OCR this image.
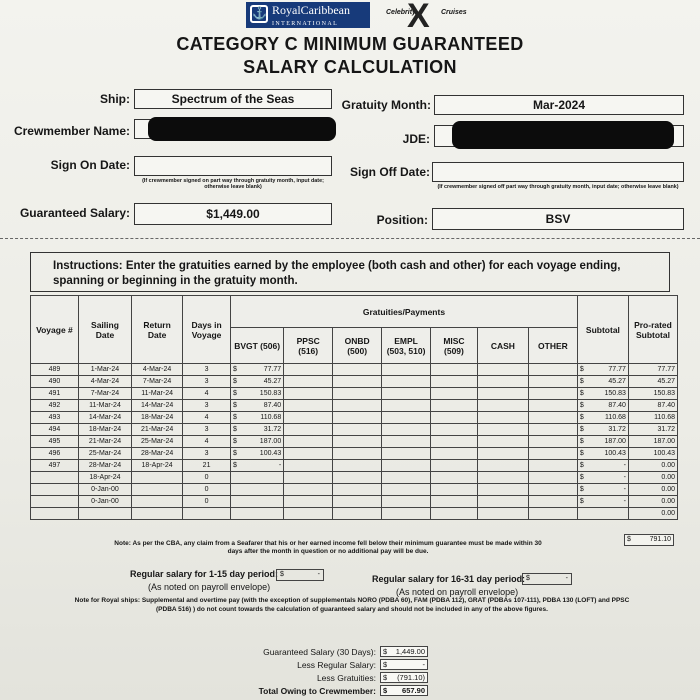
⚓ RoyalCaribbean
INTERNATIONAL
Celebrity
X Cruises
CATEGORY C MINIMUM GUARANTEED
SALARY CALCULATION
Ship:	Spectrum of the Seas	Gratuity Month:	Mar-2024
Crewmember Name:
JDE:
Sign On Date:
(If crewmember signed on part way through gratuity month, input date; otherwise leave blank)
Sign Off Date:
(If crewmember signed off part way through gratuity month, input date; otherwise leave blank)
Guaranteed Salary:	$1,449.00	Position:	BSV
Instructions: Enter the gratuities earned by the employee (both cash and other) for each voyage ending, spanning or beginning in the gratuity month.
Voyage #	Sailing Date	Return Date	Days in Voyage	Gratuities/Payments							Subtotal	Pro-rated Subtotal
				BVGT (506)	PPSC (516)	ONBD (500)	EMPL (503, 510)	MISC (509)	CASH	OTHER		
489	1-Mar-24	4-Mar-24	3	$ 77.77							$ 77.77	77.77
490	4-Mar-24	7-Mar-24	3	$ 45.27							$ 45.27	45.27
491	7-Mar-24	11-Mar-24	4	$ 150.83							$ 150.83	150.83
492	11-Mar-24	14-Mar-24	3	$ 87.40							$ 87.40	87.40
493	14-Mar-24	18-Mar-24	4	$ 110.68							$ 110.68	110.68
494	18-Mar-24	21-Mar-24	3	$ 31.72							$ 31.72	31.72
495	21-Mar-24	25-Mar-24	4	$ 187.00							$ 187.00	187.00
496	25-Mar-24	28-Mar-24	3	$ 100.43							$ 100.43	100.43
497	28-Mar-24	18-Apr-24	21	$ -							$ -	0.00
	18-Apr-24		0								$ -	0.00
	0-Jan-00		0								$ -	0.00
	0-Jan-00		0								$ -	0.00
												0.00
$	791.10
Note: As per the CBA, any claim from a Seafarer that his or her earned income fell below their minimum guarantee must be made within 30 days after the month in question or no additional pay will be due.
Regular salary for 1-15 day period: $	-
(As noted on payroll envelope)
Regular salary for 16-31 day period: $	-
(As noted on payroll envelope)
Note for Royal ships: Supplemental and overtime pay (with the exception of supplementals NORO (PDBA 60), FAM (PDBA 112), GRAT (PDBAs 107-111), PDBA 130 (LOFT) and PPSC (PDBA 516) ) do not count towards the calculation of guaranteed salary and should not be included in any of the above figures.
Guaranteed Salary (30 Days): $ 1,449.00
Less Regular Salary: $	-
Less Gratuities: $ (791.10)
Total Owing to Crewmember: $ 657.90
